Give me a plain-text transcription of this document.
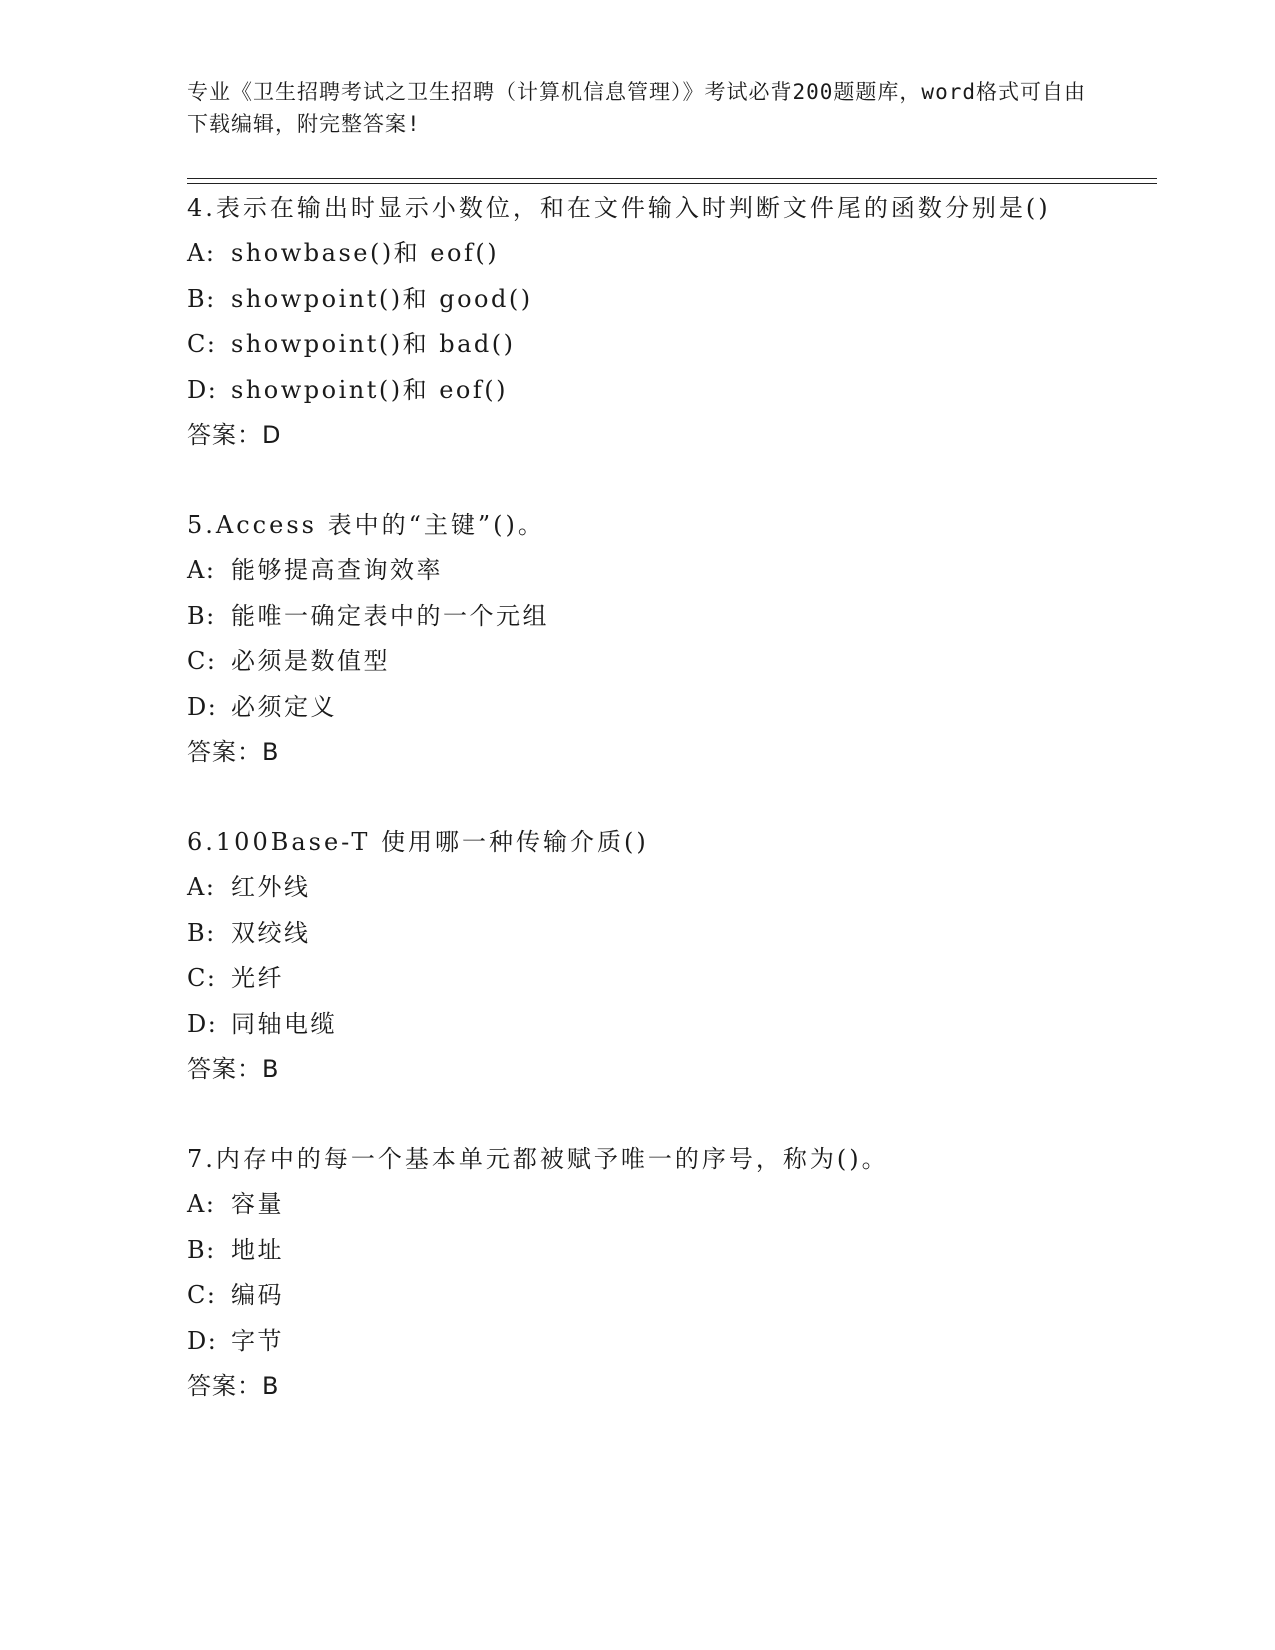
专业《卫生招聘考试之卫生招聘（计算机信息管理）》考试必背200题题库，word格式可自由下载编辑，附完整答案!
4.表示在输出时显示小数位，和在文件输入时判断文件尾的函数分别是()
A: showbase()和 eof()
B: showpoint()和 good()
C: showpoint()和 bad()
D: showpoint()和 eof()
答案：D
5.Access 表中的“主键”()。
A: 能够提高查询效率
B: 能唯一确定表中的一个元组
C: 必须是数值型
D: 必须定义
答案：B
6.100Base-T 使用哪一种传输介质()
A: 红外线
B: 双绞线
C: 光纤
D: 同轴电缆
答案：B
7.内存中的每一个基本单元都被赋予唯一的序号，称为()。
A: 容量
B: 地址
C: 编码
D: 字节
答案：B
